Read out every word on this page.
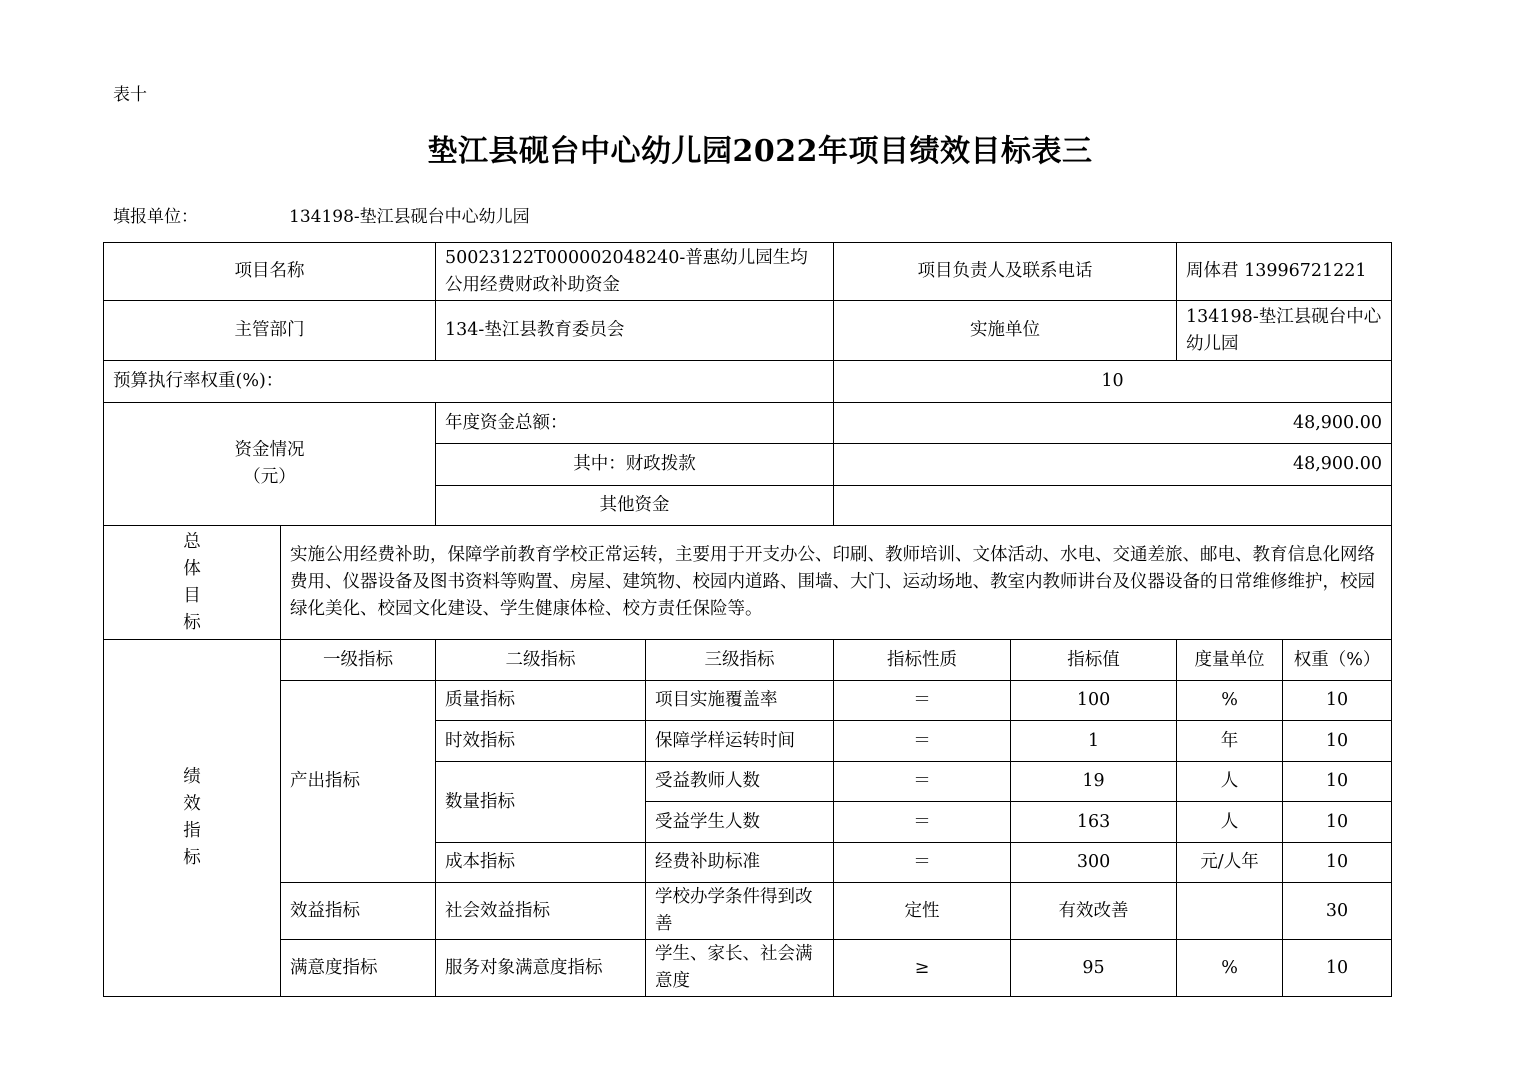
表十
垫江县砚台中心幼儿园2022年项目绩效目标表三
填报单位：	134198-垫江县砚台中心幼儿园
项目名称		50023122T000002048240-普惠幼儿园生均公用经费财政补助资金		项目负责人及联系电话		周体君 13996721221	
主管部门		134-垫江县教育委员会		实施单位		134198-垫江县砚台中心幼儿园	
预算执行率权重(%)：				10			
资金情况
（元）		年度资金总额：		48,900.00			
		其中：财政拨款		48,900.00			
		其他资金					
总
体
目
标	实施公用经费补助，保障学前教育学校正常运转，主要用于开支办公、印刷、教师培训、文体活动、水电、交通差旅、邮电、教育信息化网络费用、仪器设备及图书资料等购置、房屋、建筑物、校园内道路、围墙、大门、运动场地、教室内教师讲台及仪器设备的日常维修维护，校园绿化美化、校园文化建设、学生健康体检、校方责任保险等。						
绩
效
指
标	一级指标	二级指标	三级指标	指标性质	指标值	度量单位	权重（%）
	产出指标	质量指标	项目实施覆盖率	＝	100	%	10
		时效指标	保障学样运转时间	＝	1	年	10
		数量指标	受益教师人数	＝	19	人	10
			受益学生人数	＝	163	人	10
		成本指标	经费补助标准	＝	300	元/人年	10
	效益指标	社会效益指标	学校办学条件得到改善	定性	有效改善		30
	满意度指标	服务对象满意度指标	学生、家长、社会满意度	≥	95	%	10
